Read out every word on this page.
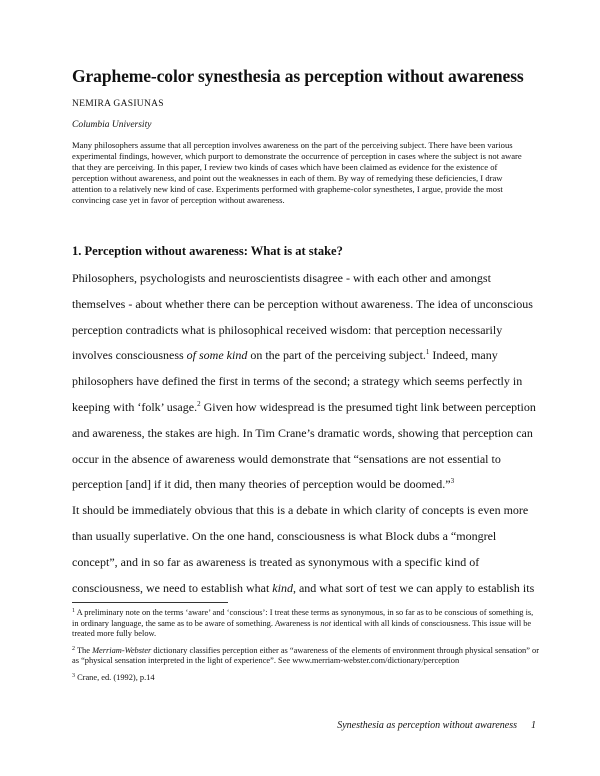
Grapheme-color synesthesia as perception without awareness
NEMIRA GASIUNAS
Columbia University

Many philosophers assume that all perception involves awareness on the part of the perceiving subject. There have been various experimental findings, however, which purport to demonstrate the occurrence of perception in cases where the subject is not aware that they are perceiving. In this paper, I review two kinds of cases which have been claimed as evidence for the existence of perception without awareness, and point out the weaknesses in each of them. By way of remedying these deficiencies, I draw attention to a relatively new kind of case. Experiments performed with grapheme-color synesthetes, I argue, provide the most convincing case yet in favor of perception without awareness.

1. Perception without awareness: What is at stake?

Philosophers, psychologists and neuroscientists disagree - with each other and amongst themselves - about whether there can be perception without awareness. The idea of unconscious perception contradicts what is philosophical received wisdom: that perception necessarily involves consciousness of some kind on the part of the perceiving subject.$^1$ Indeed, many philosophers have defined the first in terms of the second; a strategy which seems perfectly in keeping with ‘folk’ usage.$^2$ Given how widespread is the presumed tight link between perception and awareness, the stakes are high. In Tim Crane’s dramatic words, showing that perception can occur in the absence of awareness would demonstrate that “sensations are not essential to perception [and] if it did, then many theories of perception would be doomed.”$^3$

It should be immediately obvious that this is a debate in which clarity of concepts is even more than usually superlative. On the one hand, consciousness is what Block dubs a “mongrel concept”, and in so far as awareness is treated as synonymous with a specific kind of consciousness, we need to establish what kind, and what sort of test we can apply to establish its

$^1$ A preliminary note on the terms ‘aware’ and ‘conscious’: I treat these terms as synonymous, in so far as to be conscious of something is, in ordinary language, the same as to be aware of something. Awareness is not identical with all kinds of consciousness. This issue will be treated more fully below.

$^2$ The Merriam-Webster dictionary classifies perception either as “awareness of the elements of environment through physical sensation” or as “physical sensation interpreted in the light of experience”. See www.merriam-webster.com/dictionary/perception

$^3$ Crane, ed. (1992), p.14

Synesthesia as perception without awareness 1
